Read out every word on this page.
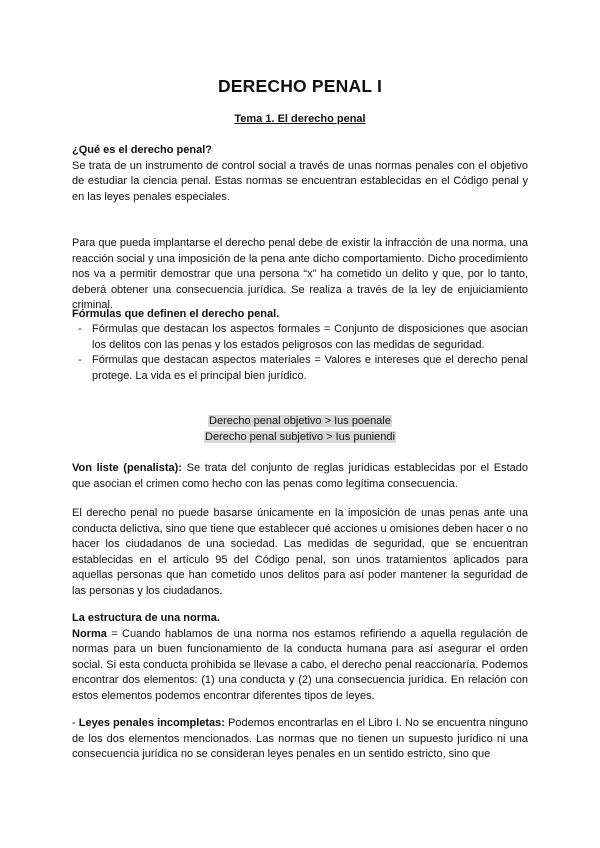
DERECHO PENAL I
Tema 1. El derecho penal
¿Qué es el derecho penal?
Se trata de un instrumento de control social a través de unas normas penales con el objetivo de estudiar la ciencia penal. Estas normas se encuentran establecidas en el Código penal y en las leyes penales especiales.
Para que pueda implantarse el derecho penal debe de existir la infracción de una norma, una reacción social y una imposición de la pena ante dicho comportamiento. Dicho procedimiento nos va a permitir demostrar que una persona “x” ha cometido un delito y que, por lo tanto, deberá obtener una consecuencia jurídica. Se realiza a través de la ley de enjuiciamiento criminal.
Fórmulas que definen el derecho penal.
- Fórmulas que destacan los aspectos formales = Conjunto de disposiciones que asocian los delitos con las penas y los estados peligrosos con las medidas de seguridad.
- Fórmulas que destacan aspectos materiales = Valores e intereses que el derecho penal protege. La vida es el principal bien jurídico.
Derecho penal objetivo > Ius poenale
Derecho penal subjetivo > Ius puniendi
Von liste (penalista): Se trata del conjunto de reglas jurídicas establecidas por el Estado que asocian el crimen como hecho con las penas como legítima consecuencia.
El derecho penal no puede basarse únicamente en la imposición de unas penas ante una conducta delictiva, sino que tiene que establecer qué acciones u omisiones deben hacer o no hacer los ciudadanos de una sociedad. Las medidas de seguridad, que se encuentran establecidas en el artículo 95 del Código penal, son unos tratamientos aplicados para aquellas personas que han cometido unos delitos para así poder mantener la seguridad de las personas y los ciudadanos.
La estructura de una norma.
Norma = Cuando hablamos de una norma nos estamos refiriendo a aquella regulación de normas para un buen funcionamiento de la conducta humana para así asegurar el orden social. Si esta conducta prohibida se llevase a cabo, el derecho penal reaccionaría. Podemos encontrar dos elementos: (1) una conducta y (2) una consecuencia jurídica. En relación con estos elementos podemos encontrar diferentes tipos de leyes.
- Leyes penales incompletas: Podemos encontrarlas en el Libro I. No se encuentra ninguno de los dos elementos mencionados. Las normas que no tienen un supuesto jurídico ni una consecuencia jurídica no se consideran leyes penales en un sentido estricto, sino que
